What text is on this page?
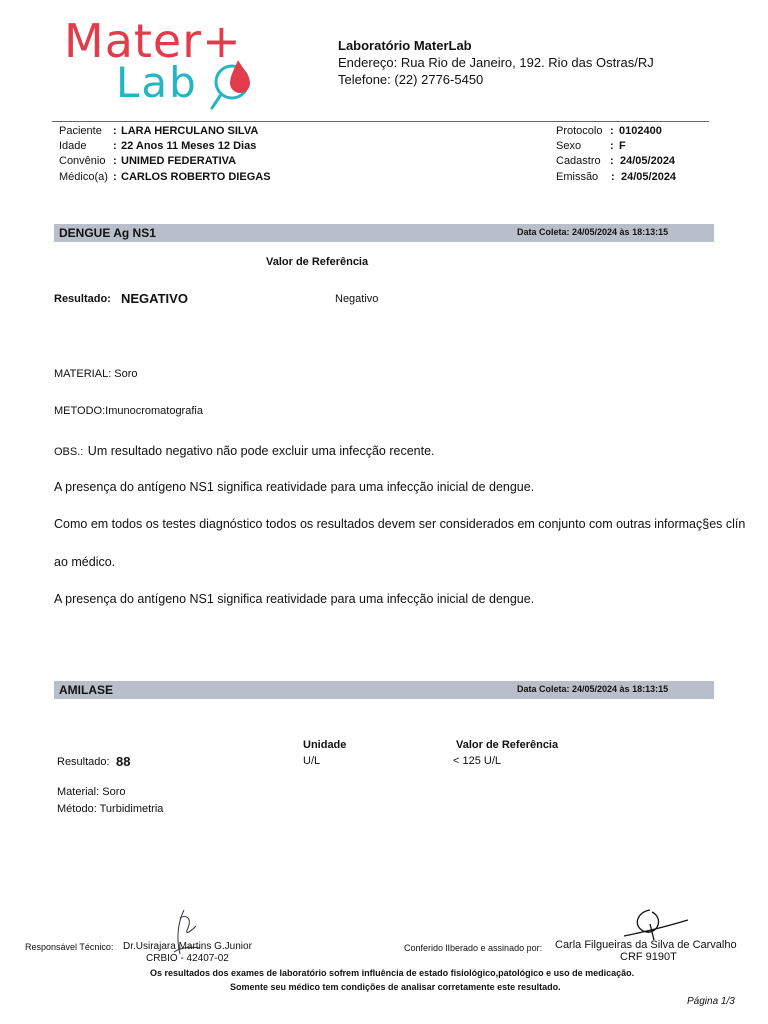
Mater+
Lab
Laboratório MaterLab
Endereço: Rua Rio de Janeiro, 192. Rio das Ostras/RJ
Telefone: (22) 2776-5450
Paciente : LARA HERCULANO SILVA
Idade : 22 Anos 11 Meses 12 Dias
Convênio : UNIMED FEDERATIVA
Médico(a) : CARLOS ROBERTO DIEGAS
Protocolo : 0102400
Sexo	: F
Cadastro : 24/05/2024
Emissão : 24/05/2024
DENGUE Ag NS1	Data Coleta: 24/05/2024 às 18:13:15
Valor de Referência
Resultado: NEGATIVO	Negativo
MATERIAL: Soro
METODO:Imunocromatografia
OBS.: Um resultado negativo não pode excluir uma infecção recente.
A presença do antígeno NS1 significa reatividade para uma infecção inicial de dengue.
Como em todos os testes diagnóstico todos os resultados devem ser considerados em conjunto com outras informaç§es clín
ao médico.
A presença do antígeno NS1 significa reatividade para uma infecção inicial de dengue.
AMILASE	Data Coleta: 24/05/2024 às 18:13:15
Unidade	Valor de Referência
Resultado: 88	U/L	< 125 U/L
Material: Soro
Método: Turbidimetria
Responsável Técnico: Dr.Usirajara Martins G.Junior
CRBIO - 42407-02
Conferido lIberado e assinado por: Carla Filgueiras da Silva de Carvalho
CRF 9190T
Os resultados dos exames de laboratório sofrem influência de estado fisiológico,patológico e uso de medicação.
Somente seu médico tem condições de analisar corretamente este resultado.
Página 1/3
